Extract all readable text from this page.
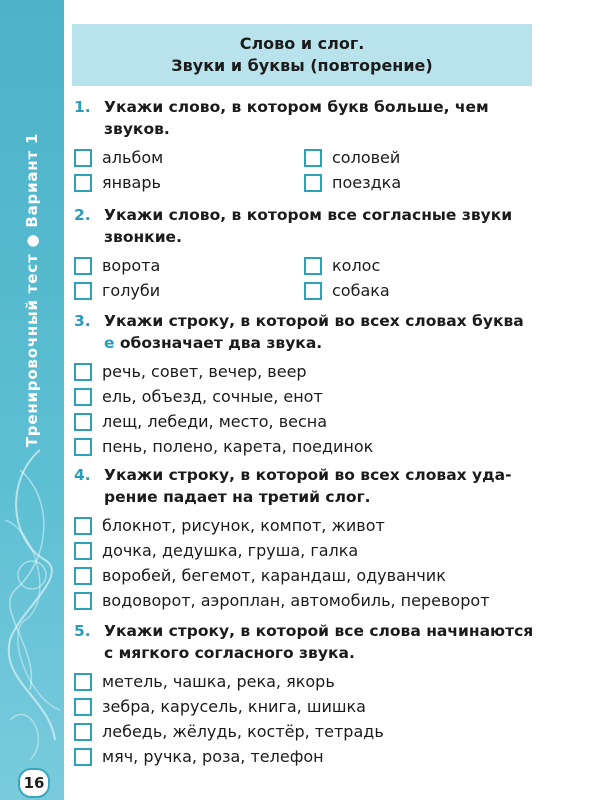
Тренировочный тест ● Вариант 1
16
Слово и слог.
Звуки и буквы (повторение)
1. Укажи слово, в котором букв больше, чем звуков.
альбом	соловей
январь	поездка
2. Укажи слово, в котором все согласные звуки звонкие.
ворота	колос
голуби	собака
3. Укажи строку, в которой во всех словах буква е обозначает два звука.
речь, совет, вечер, веер
ель, объезд, сочные, енот
лещ, лебеди, место, весна
пень, полено, карета, поединок
4. Укажи строку, в которой во всех словах ударение падает на третий слог.
блокнот, рисунок, компот, живот
дочка, дедушка, груша, галка
воробей, бегемот, карандаш, одуванчик
водоворот, аэроплан, автомобиль, переворот
5. Укажи строку, в которой все слова начинаются с мягкого согласного звука.
метель, чашка, река, якорь
зебра, карусель, книга, шишка
лебедь, жёлудь, костёр, тетрадь
мяч, ручка, роза, телефон
